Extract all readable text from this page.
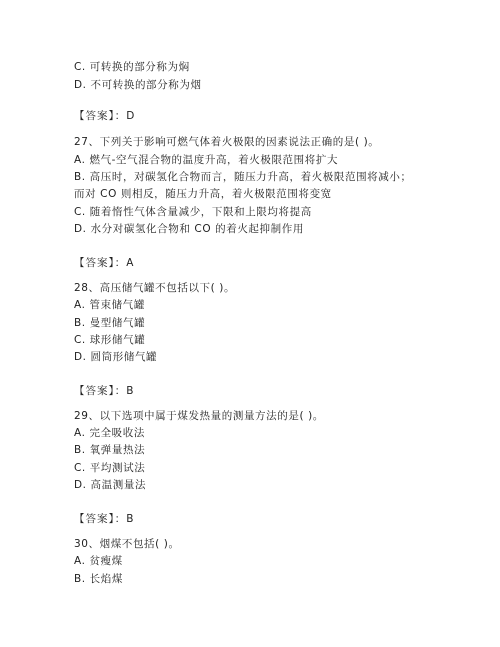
C. 可转换的部分称为焖
D. 不可转换的部分称为烟
【答案】：D
27、下列关于影响可燃气体着火极限的因素说法正确的是( )。
A. 燃气-空气混合物的温度升高，着火极限范围将扩大
B. 高压时，对碳氢化合物而言，随压力升高，着火极限范围将减小；
而对 CO 则相反，随压力升高，着火极限范围将变宽
C. 随着惰性气体含量减少，下限和上限均将提高
D. 水分对碳氢化合物和 CO 的着火起抑制作用
【答案】：A
28、高压储气罐不包括以下( )。
A. 管束储气罐
B. 曼型储气罐
C. 球形储气罐
D. 圆筒形储气罐
【答案】：B
29、以下选项中属于煤发热量的测量方法的是( )。
A. 完全吸收法
B. 氧弹量热法
C. 平均测试法
D. 高温测量法
【答案】：B
30、烟煤不包括( )。
A. 贫瘦煤
B. 长焰煤
